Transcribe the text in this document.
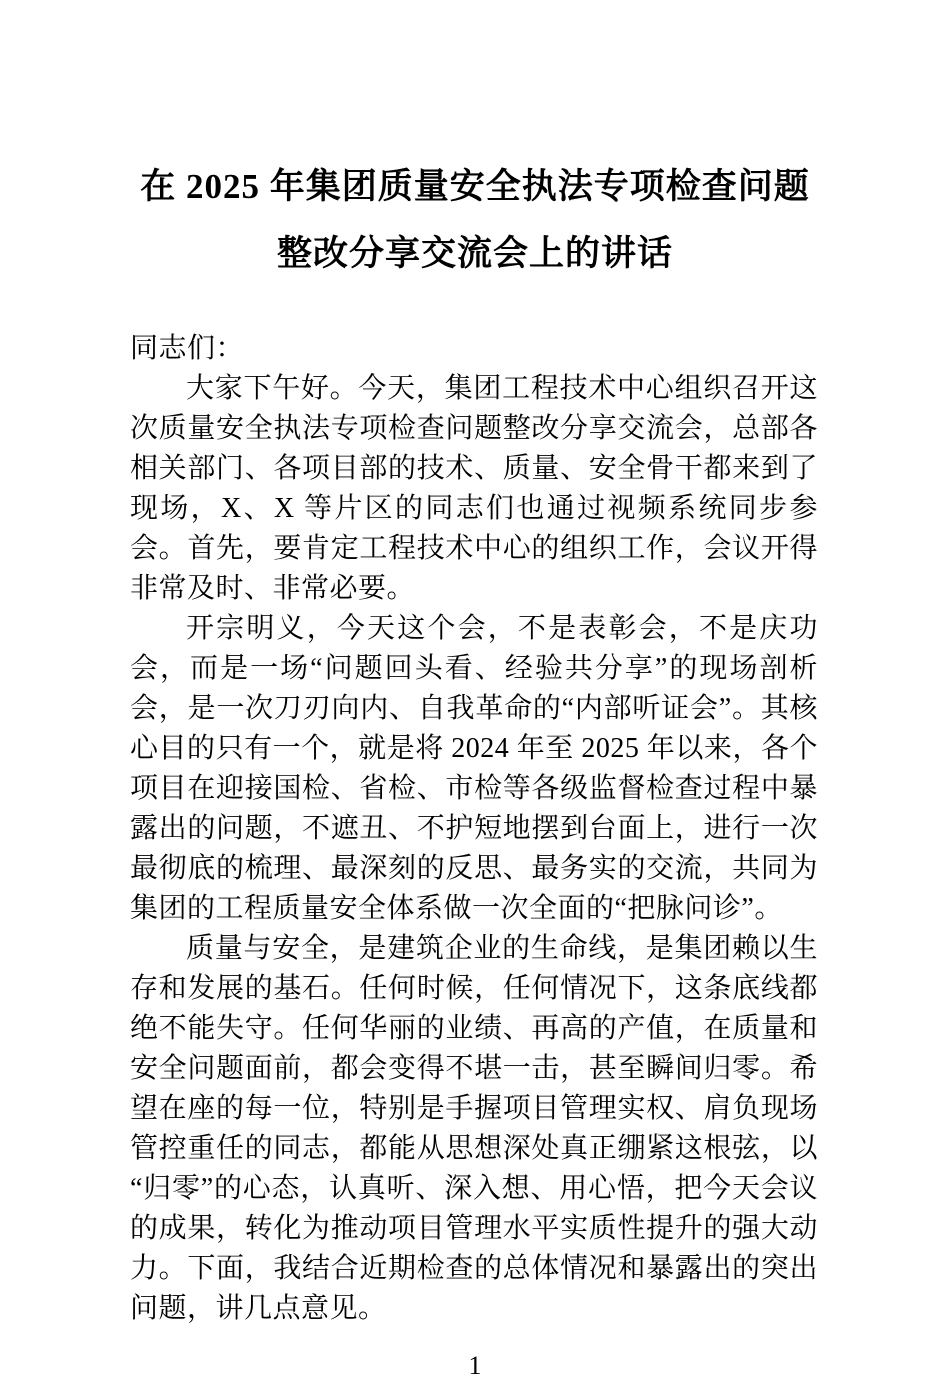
在 2025 年集团质量安全执法专项检查问题
整改分享交流会上的讲话

同志们：

大家下午好。今天，集团工程技术中心组织召开这次质量安全执法专项检查问题整改分享交流会，总部各相关部门、各项目部的技术、质量、安全骨干都来到了现场，X、X 等片区的同志们也通过视频系统同步参会。首先，要肯定工程技术中心的组织工作，会议开得非常及时、非常必要。

开宗明义，今天这个会，不是表彰会，不是庆功会，而是一场“问题回头看、经验共分享”的现场剖析会，是一次刀刃向内、自我革命的“内部听证会”。其核心目的只有一个，就是将 2024 年至 2025 年以来，各个项目在迎接国检、省检、市检等各级监督检查过程中暴露出的问题，不遮丑、不护短地摆到台面上，进行一次最彻底的梳理、最深刻的反思、最务实的交流，共同为集团的工程质量安全体系做一次全面的“把脉问诊”。

质量与安全，是建筑企业的生命线，是集团赖以生存和发展的基石。任何时候，任何情况下，这条底线都绝不能失守。任何华丽的业绩、再高的产值，在质量和安全问题面前，都会变得不堪一击，甚至瞬间归零。希望在座的每一位，特别是手握项目管理实权、肩负现场管控重任的同志，都能从思想深处真正绷紧这根弦，以“归零”的心态，认真听、深入想、用心悟，把今天会议的成果，转化为推动项目管理水平实质性提升的强大动力。下面，我结合近期检查的总体情况和暴露出的突出问题，讲几点意见。

1
